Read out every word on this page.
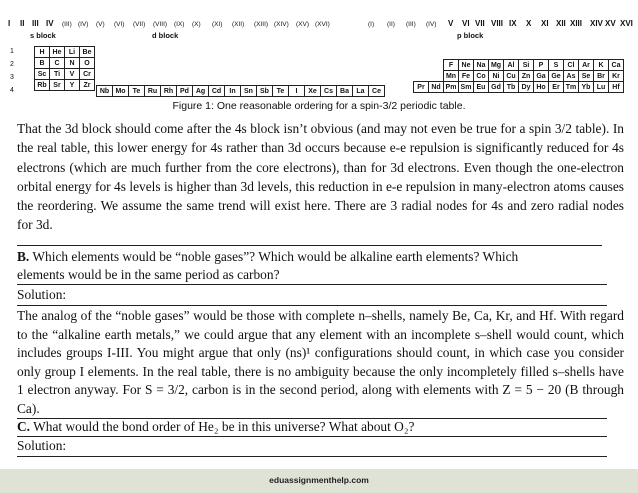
I II III IV (III) (IV) (V) (VI) (VII) (VIII) (IX) (X) (XI) (XII) (XIII) (XIV) (XV) (XVI)	(I) (II) (III) (IV) V VI VII VIII IX X XI XII XIII XIV XV XVI
s block	d block	p block
1
2
3
4
H	He	Li	Be
B	C	N	O
Sc	Ti	V	Cr
Rb	Sr	Y	Zr
Nb	Mo	Te	Ru	Rh	Pd	Ag	Cd	In	Sn	Sb	Te	I	Xe	Cs	Ba	La	Ce
		F	Ne	Na	Mg	Al	Si	P	S	Cl	Ar	K	Ca
		Mn	Fe	Co	Ni	Cu	Zn	Ga	Ge	As	Se	Br	Kr
Pr	Nd	Pm	Sm	Eu	Gd	Tb	Dy	Ho	Er	Tm	Yb	Lu	Hf
Figure 1: One reasonable ordering for a spin-3/2 periodic table.
That the 3d block should come after the 4s block isn’t obvious (and may not even be true for a spin 3/2 table). In the real table, this lower energy for 4s rather than 3d occurs because e-e repulsion is significantly reduced for 4s electrons (which are much further from the core electrons), than for 3d electrons. Even though the one-electron orbital energy for 4s levels is higher than 3d levels, this reduction in e-e repulsion in many-electron atoms causes the reordering. We assume the same trend will exist here. There are 3 radial nodes for 4s and zero radial nodes for 3d.
B. Which elements would be “noble gases”? Which would be alkaline earth elements? Which
elements would be in the same period as carbon?
Solution:
The analog of the “noble gases” would be those with complete n–shells, namely Be, Ca, Kr, and Hf. With regard to the “alkaline earth metals,” we could argue that any element with an incomplete s–shell would count, which includes groups I-III. You might argue that only (ns)¹ configurations should count, in which case you consider only group I elements. In the real table, there is no ambiguity because the only incompletely filled s–shells have 1 electron anyway. For S = 3/2, carbon is in the second period, along with elements with Z = 5 − 20 (B through Ca).
C. What would the bond order of He₂ be in this universe? What about O₂?
Solution:
eduassignmenthelp.com
